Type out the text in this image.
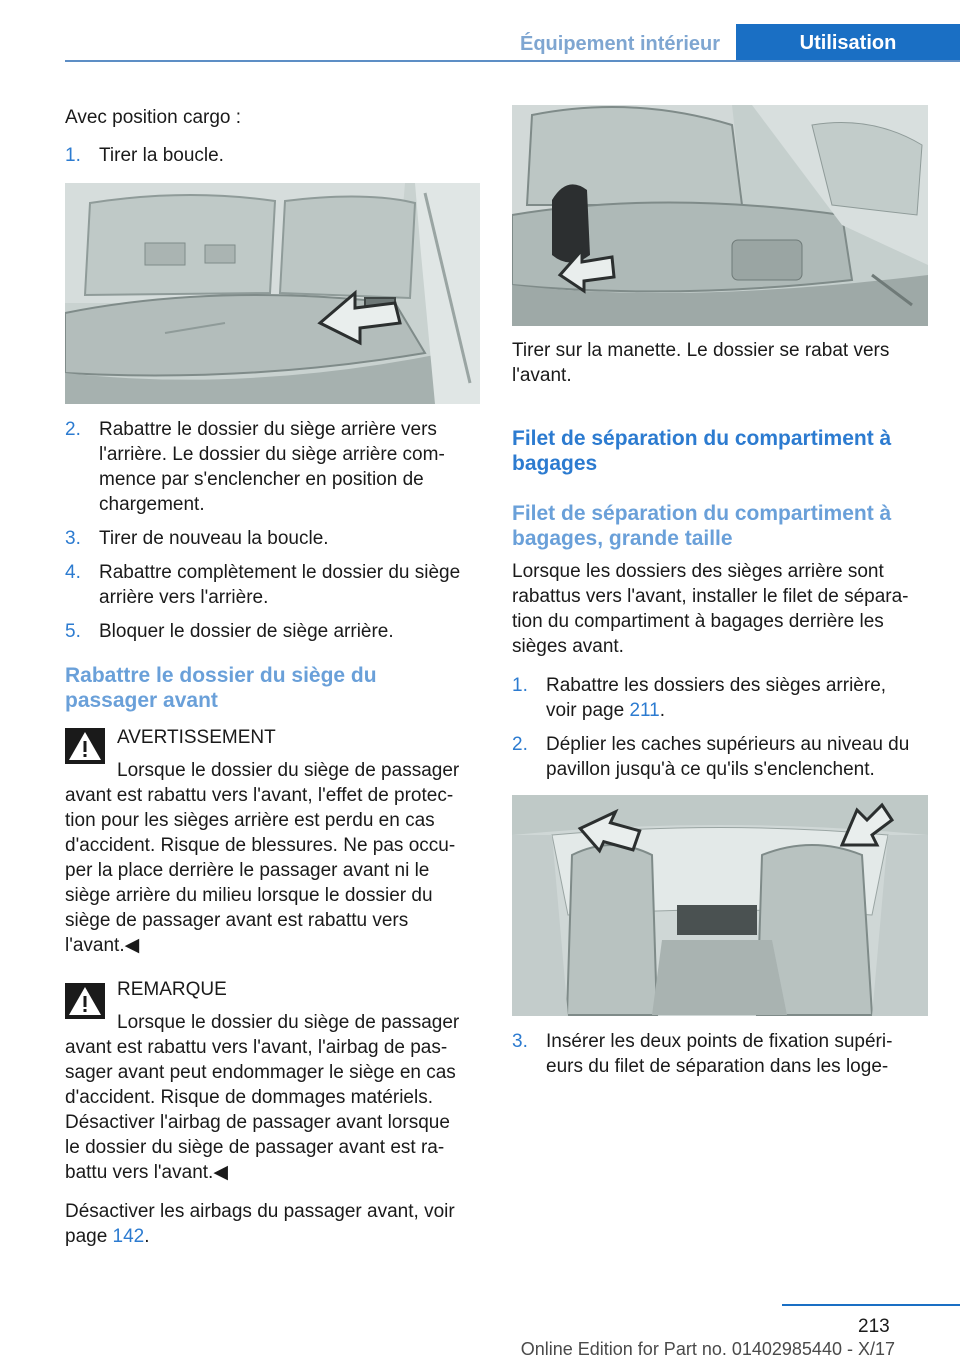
Équipement intérieur	Utilisation
Avec position cargo :
1. Tirer la boucle.
2. Rabattre le dossier du siège arrière vers
l'arrière. Le dossier du siège arrière com-
mence par s'enclencher en position de
chargement.
3. Tirer de nouveau la boucle.
4. Rabattre complètement le dossier du siège
arrière vers l'arrière.
5. Bloquer le dossier de siège arrière.
Rabattre le dossier du siège du
passager avant
AVERTISSEMENT
Lorsque le dossier du siège de passager
avant est rabattu vers l'avant, l'effet de protec-
tion pour les sièges arrière est perdu en cas
d'accident. Risque de blessures. Ne pas occu-
per la place derrière le passager avant ni le
siège arrière du milieu lorsque le dossier du
siège de passager avant est rabattu vers
l'avant.◀
REMARQUE
Lorsque le dossier du siège de passager
avant est rabattu vers l'avant, l'airbag de pas-
sager avant peut endommager le siège en cas
d'accident. Risque de dommages matériels.
Désactiver l'airbag de passager avant lorsque
le dossier du siège de passager avant est ra-
battu vers l'avant.◀
Désactiver les airbags du passager avant, voir
page 142.
Tirer sur la manette. Le dossier se rabat vers
l'avant.
Filet de séparation du compartiment à
bagages
Filet de séparation du compartiment à
bagages, grande taille
Lorsque les dossiers des sièges arrière sont
rabattus vers l'avant, installer le filet de sépara-
tion du compartiment à bagages derrière les
sièges avant.
1. Rabattre les dossiers des sièges arrière,
voir page 211.
2. Déplier les caches supérieurs au niveau du
pavillon jusqu'à ce qu'ils s'enclenchent.
3. Insérer les deux points de fixation supéri-
eurs du filet de séparation dans les loge-
213
Online Edition for Part no. 01402985440 - X/17
